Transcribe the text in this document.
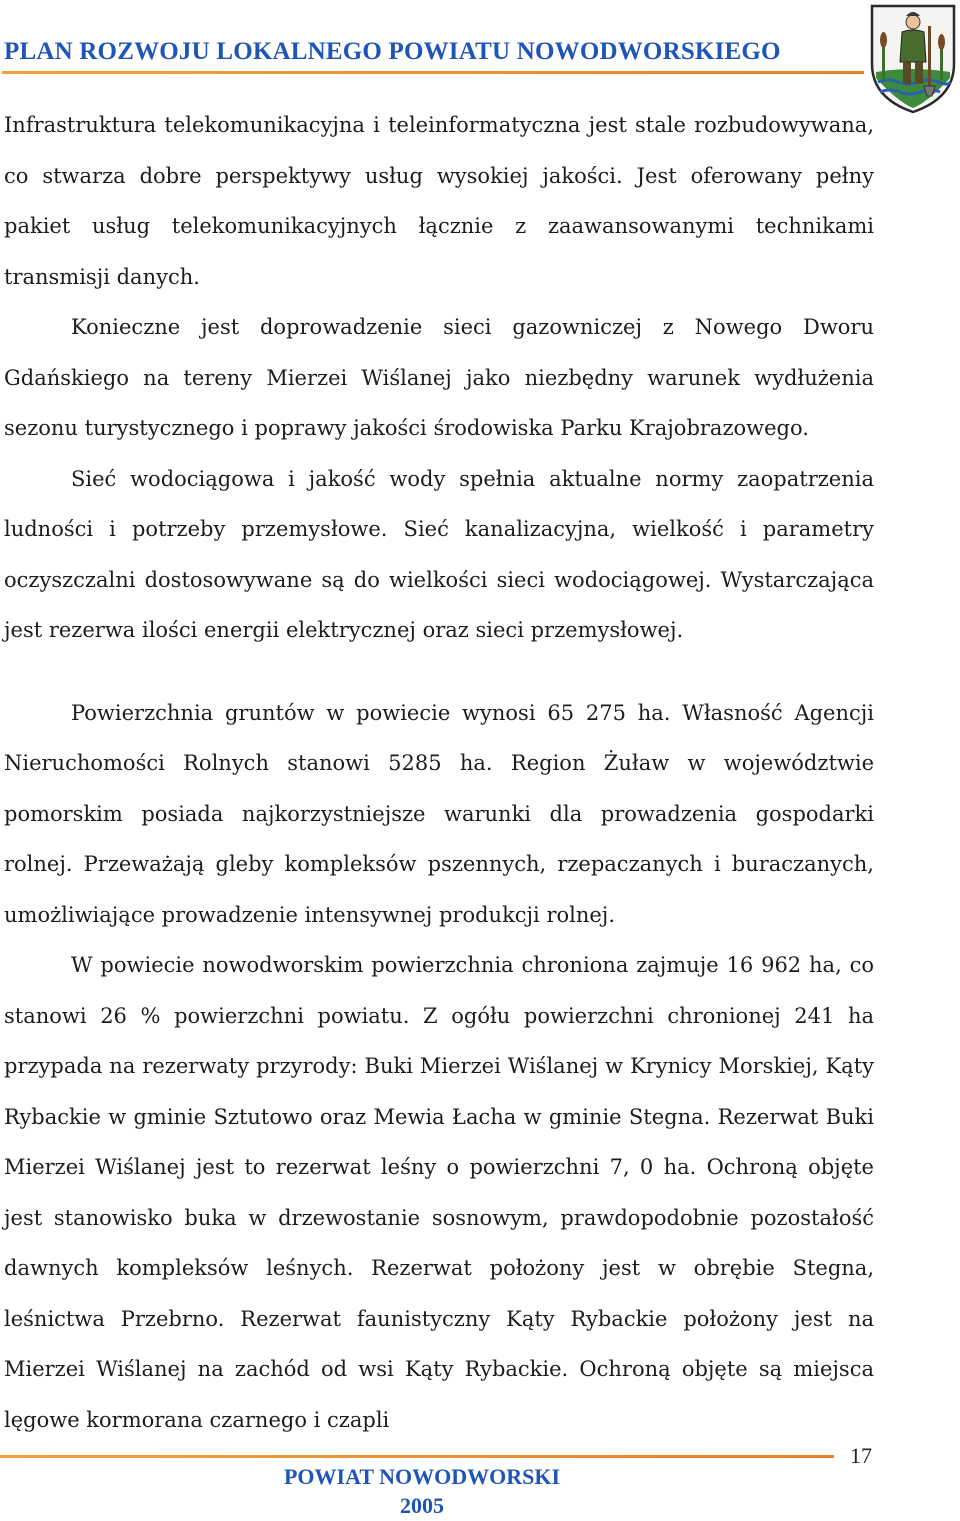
PLAN ROZWOJU LOKALNEGO POWIATU NOWODWORSKIEGO

Infrastruktura telekomunikacyjna i teleinformatyczna jest stale rozbudowywana, co stwarza dobre perspektywy usług wysokiej jakości. Jest oferowany pełny pakiet usług telekomunikacyjnych łącznie z zaawansowanymi technikami transmisji danych.

Konieczne jest doprowadzenie sieci gazowniczej z Nowego Dworu Gdańskiego na tereny Mierzei Wiślanej jako niezbędny warunek wydłużenia sezonu turystycznego i poprawy jakości środowiska Parku Krajobrazowego.

Sieć wodociągowa i jakość wody spełnia aktualne normy zaopatrzenia ludności i potrzeby przemysłowe. Sieć kanalizacyjna, wielkość i parametry oczyszczalni dostosowywane są do wielkości sieci wodociągowej. Wystarczająca jest rezerwa ilości energii elektrycznej oraz sieci przemysłowej.

Powierzchnia gruntów w powiecie wynosi 65 275 ha. Własność Agencji Nieruchomości Rolnych stanowi 5285 ha. Region Żuław w województwie pomorskim posiada najkorzystniejsze warunki dla prowadzenia gospodarki rolnej. Przeważają gleby kompleksów pszennych, rzepaczanych i buraczanych, umożliwiające prowadzenie intensywnej produkcji rolnej.

W powiecie nowodworskim powierzchnia chroniona zajmuje 16 962 ha, co stanowi 26 % powierzchni powiatu. Z ogółu powierzchni chronionej 241 ha przypada na rezerwaty przyrody: Buki Mierzei Wiślanej w Krynicy Morskiej, Kąty Rybackie w gminie Sztutowo oraz Mewia Łacha w gminie Stegna. Rezerwat Buki Mierzei Wiślanej jest to rezerwat leśny o powierzchni 7, 0 ha. Ochroną objęte jest stanowisko buka w drzewostanie sosnowym, prawdopodobnie pozostałość dawnych kompleksów leśnych. Rezerwat położony jest w obrębie Stegna, leśnictwa Przebrno. Rezerwat faunistyczny Kąty Rybackie położony jest na Mierzei Wiślanej na zachód od wsi Kąty Rybackie. Ochroną objęte są miejsca lęgowe kormorana czarnego i czapli

17
POWIAT NOWODWORSKI
2005
